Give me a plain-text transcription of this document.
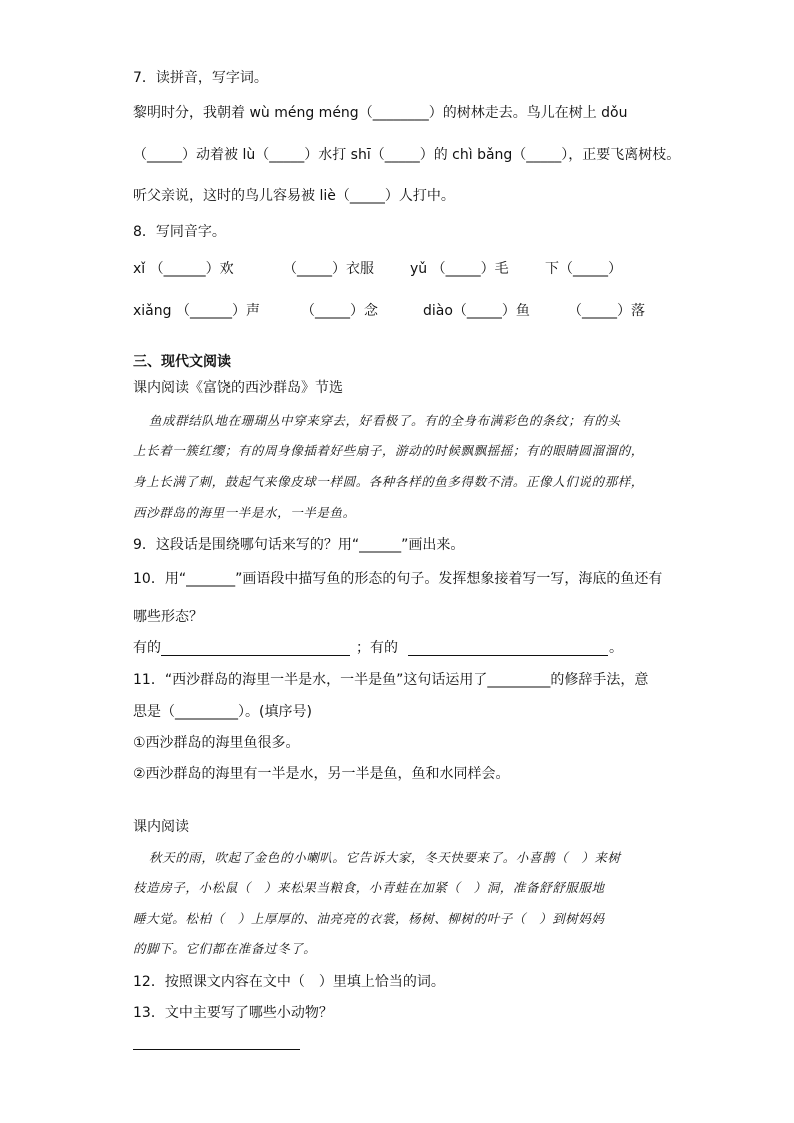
7．读拼音，写字词。
黎明时分，我朝着 wù méng méng（________）的树林走去。鸟儿在树上 dǒu
（_____）动着被 lù（_____）水打 shī（_____）的 chì bǎng（_____），正要飞离树枝。
听父亲说，这时的鸟儿容易被 liè（_____）人打中。
8．写同音字。
xǐ （______）欢	（_____）衣服	yǔ （_____）毛	下（_____）
xiǎng （______）声	（_____）念	diào（_____）鱼	（_____）落
三、现代文阅读
课内阅读《富饶的西沙群岛》节选
鱼成群结队地在珊瑚丛中穿来穿去，好看极了。有的全身布满彩色的条纹；有的头
上长着一簇红缨；有的周身像插着好些扇子，游动的时候飘飘摇摇；有的眼睛圆溜溜的，
身上长满了刺，鼓起气来像皮球一样圆。各种各样的鱼多得数不清。正像人们说的那样，
西沙群岛的海里一半是水，一半是鱼。
9．这段话是围绕哪句话来写的？用“______”画出来。
10．用“_______”画语段中描写鱼的形态的句子。发挥想象接着写一写，海底的鱼还有
哪些形态？
有的	；有的	。
11．“西沙群岛的海里一半是水，一半是鱼”这句话运用了_________的修辞手法，意
思是（_________）。(填序号)
①西沙群岛的海里鱼很多。
②西沙群岛的海里有一半是水，另一半是鱼，鱼和水同样会。
课内阅读
秋天的雨，吹起了金色的小喇叭。它告诉大家，冬天快要来了。小喜鹊（　）来树
枝造房子，小松鼠（　）来松果当粮食，小青蛙在加紧（　）洞，准备舒舒服服地
睡大觉。松柏（　）上厚厚的、油亮亮的衣裳，杨树、柳树的叶子（　）到树妈妈
的脚下。它们都在准备过冬了。
12．按照课文内容在文中（　）里填上恰当的词。
13．文中主要写了哪些小动物？
